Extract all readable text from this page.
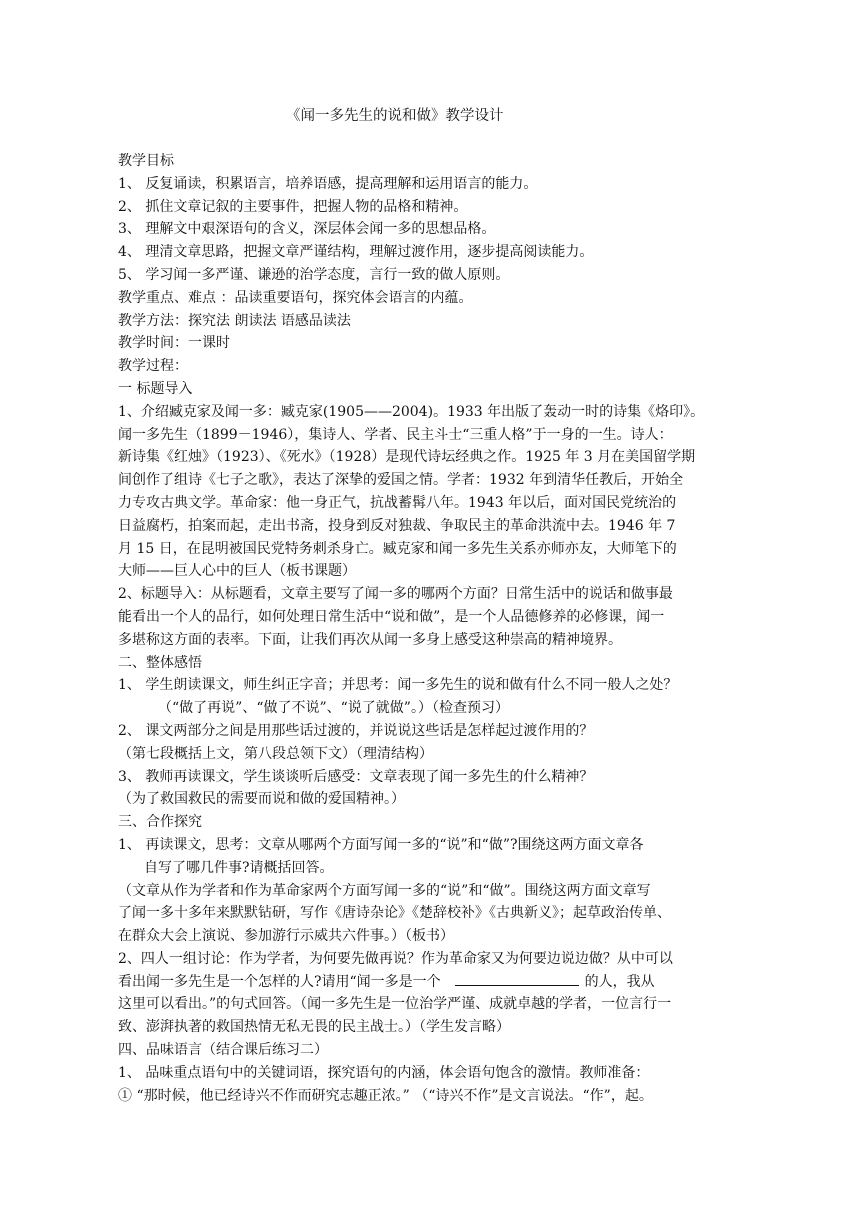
《闻一多先生的说和做》教学设计
教学目标
1、 反复诵读，积累语言，培养语感，提高理解和运用语言的能力。
2、 抓住文章记叙的主要事件，把握人物的品格和精神。
3、 理解文中艰深语句的含义，深层体会闻一多的思想品格。
4、 理清文章思路，把握文章严谨结构，理解过渡作用，逐步提高阅读能力。
5、 学习闻一多严谨、谦逊的治学态度，言行一致的做人原则。
教学重点、难点 ：品读重要语句，探究体会语言的内蕴。
教学方法：探究法 朗读法 语感品读法
教学时间：一课时
教学过程：
一 标题导入
1、介绍臧克家及闻一多：臧克家(1905——2004)。1933 年出版了轰动一时的诗集《烙印》。
闻一多先生（1899－1946），集诗人、学者、民主斗士“三重人格”于一身的一生。诗人：
新诗集《红烛》（1923）、《死水》（1928）是现代诗坛经典之作。1925 年 3 月在美国留学期
间创作了组诗《七子之歌》，表达了深挚的爱国之情。学者：1932 年到清华任教后，开始全
力专攻古典文学。革命家：他一身正气，抗战蓄髯八年。1943 年以后，面对国民党统治的
日益腐朽，拍案而起，走出书斋，投身到反对独裁、争取民主的革命洪流中去。1946 年 7
月 15 日，在昆明被国民党特务刺杀身亡。臧克家和闻一多先生关系亦师亦友，大师笔下的
大师——巨人心中的巨人（板书课题）
2、标题导入：从标题看，文章主要写了闻一多的哪两个方面？日常生活中的说话和做事最
能看出一个人的品行，如何处理日常生活中“说和做”，是一个人品德修养的必修课，闻一
多堪称这方面的表率。下面，让我们再次从闻一多身上感受这种崇高的精神境界。
二、整体感悟
1、 学生朗读课文，师生纠正字音；并思考：闻一多先生的说和做有什么不同一般人之处？
（“做了再说”、“做了不说”、“说了就做”。）（检查预习）
2、 课文两部分之间是用那些话过渡的，并说说这些话是怎样起过渡作用的？
（第七段概括上文，第八段总领下文）（理清结构）
3、 教师再读课文，学生谈谈听后感受：文章表现了闻一多先生的什么精神？
（为了救国救民的需要而说和做的爱国精神。）
三、合作探究
1、 再读课文，思考：文章从哪两个方面写闻一多的“说”和“做”?围绕这两方面文章各
自写了哪几件事?请概括回答。
（文章从作为学者和作为革命家两个方面写闻一多的“说”和“做”。围绕这两方面文章写
了闻一多十多年来默默钻研，写作《唐诗杂论》《楚辞校补》《古典新义》；起草政治传单、
在群众大会上演说、参加游行示威共六件事。）（板书）
2、四人一组讨论：作为学者，为何要先做再说？作为革命家又为何要边说边做？从中可以
看出闻一多先生是一个怎样的人?请用“闻一多是一个	的人，我从
这里可以看出。”的句式回答。（闻一多先生是一位治学严谨、成就卓越的学者，一位言行一
致、澎湃执著的救国热情无私无畏的民主战士。）（学生发言略）
四、品味语言（结合课后练习二）
1、 品味重点语句中的关键词语，探究语句的内涵，体会语句饱含的激情。教师准备：
① “那时候，他已经诗兴不作而研究志趣正浓。” （“诗兴不作”是文言说法。“作”，起。
